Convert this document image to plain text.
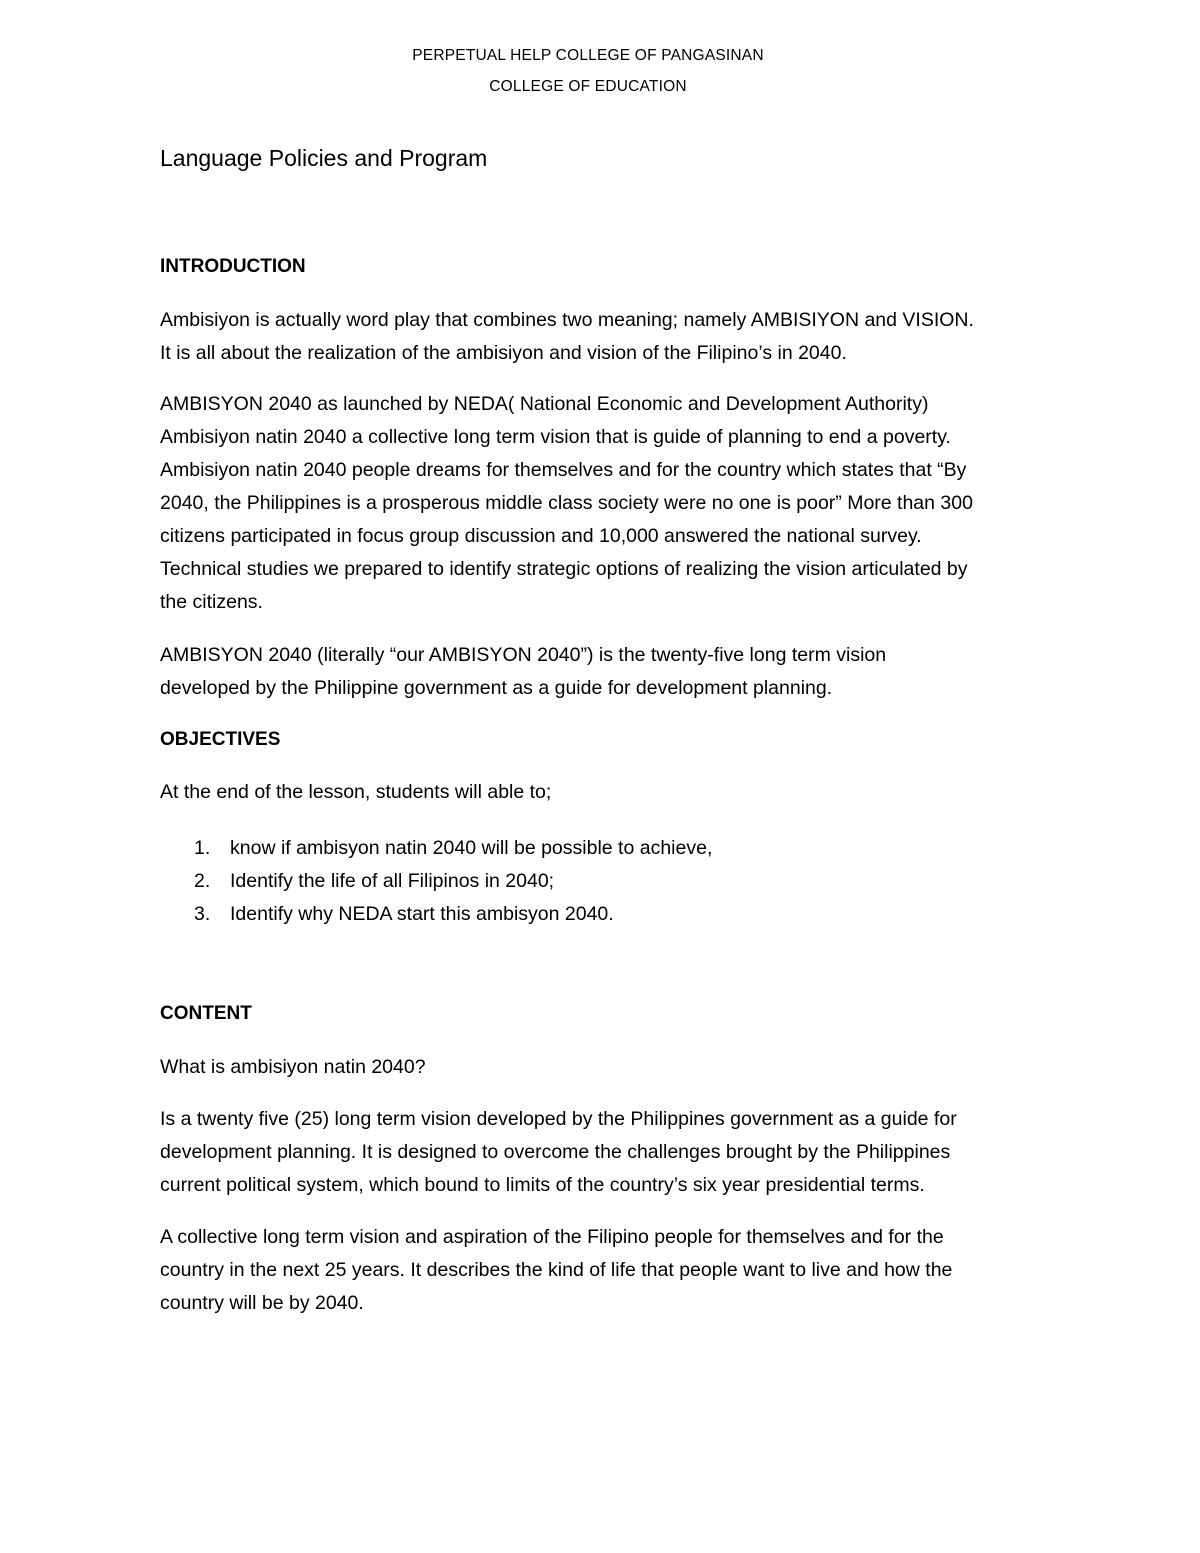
PERPETUAL HELP COLLEGE OF PANGASINAN
COLLEGE OF EDUCATION
Language Policies and Program
INTRODUCTION
Ambisiyon is actually word play that combines two meaning; namely AMBISIYON and VISION.
It is all about the realization of the ambisiyon and vision of the Filipino’s in 2040.
AMBISYON 2040 as launched by NEDA( National Economic and Development Authority)
Ambisiyon natin 2040 a collective long term vision that is guide of planning to end a poverty.
Ambisiyon natin 2040 people dreams for themselves and for the country which states that “By
2040, the Philippines is a prosperous middle class society were no one is poor” More than 300
citizens participated in focus group discussion and 10,000 answered the national survey.
Technical studies we prepared to identify strategic options of realizing the vision articulated by
the citizens.
AMBISYON 2040 (literally “our AMBISYON 2040”) is the twenty-five long term vision
developed by the Philippine government as a guide for development planning.
OBJECTIVES
At the end of the lesson, students will able to;
1. know if ambisyon natin 2040 will be possible to achieve,
2. Identify the life of all Filipinos in 2040;
3. Identify why NEDA start this ambisyon 2040.
CONTENT
What is ambisiyon natin 2040?
Is a twenty five (25) long term vision developed by the Philippines government as a guide for
development planning. It is designed to overcome the challenges brought by the Philippines
current political system, which bound to limits of the country’s six year presidential terms.
A collective long term vision and aspiration of the Filipino people for themselves and for the
country in the next 25 years. It describes the kind of life that people want to live and how the
country will be by 2040.
